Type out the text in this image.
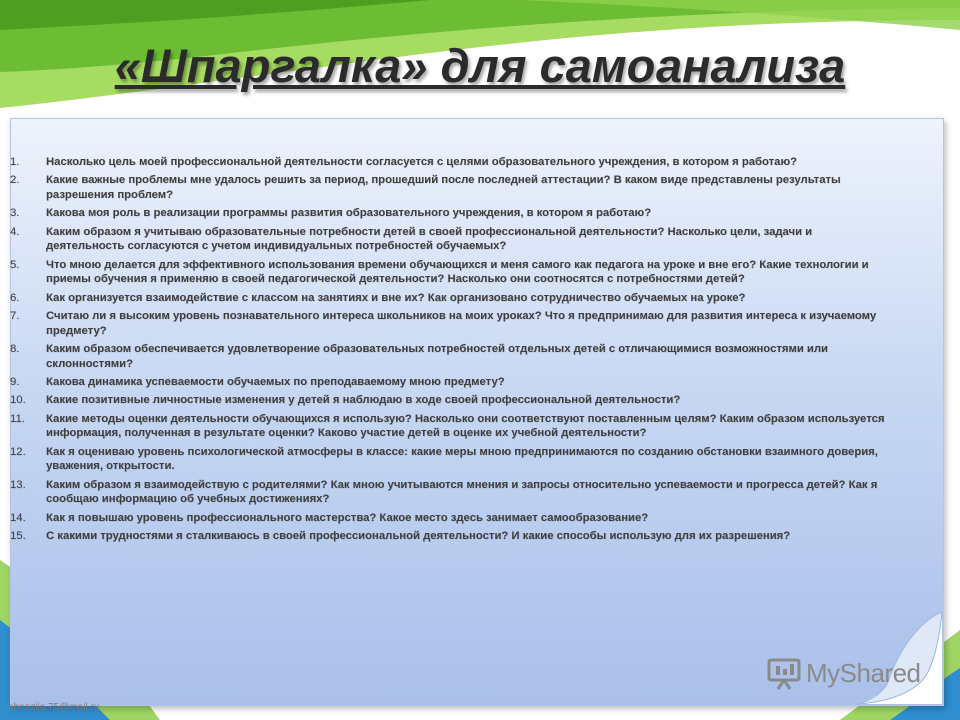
«Шпаргалка» для самоанализа
1. Насколько цель моей профессиональной деятельности согласуется с целями образовательного учреждения, в котором я работаю?
2. Какие важные проблемы мне удалось решить за период, прошедший после последней аттестации? В каком виде представлены результаты разрешения проблем?
3. Какова моя роль в реализации программы развития образовательного учреждения, в котором я работаю?
4. Каким образом я учитываю образовательные потребности детей в своей профессиональной деятельности? Насколько цели, задачи и деятельность согласуются с учетом индивидуальных потребностей обучаемых?
5. Что мною делается для эффективного использования времени обучающихся и меня самого как педагога на уроке и вне его? Какие технологии и приемы обучения я применяю в своей педагогической деятельности? Насколько они соотносятся с потребностями детей?
6. Как организуется взаимодействие с классом на занятиях и вне их? Как организовано сотрудничество обучаемых на уроке?
7. Считаю ли я высоким уровень познавательного интереса школьников на моих уроках? Что я предпринимаю для развития интереса к изучаемому предмету?
8. Каким образом обеспечивается удовлетворение образовательных потребностей отдельных детей с отличающимися возможностями или склонностями?
9. Какова динамика успеваемости обучаемых по преподаваемому мною предмету?
10. Какие позитивные личностные изменения у детей я наблюдаю в ходе своей профессиональной деятельности?
11. Какие методы оценки деятельности обучающихся я использую? Насколько они соответствуют поставленным целям? Каким образом используется информация, полученная в результате оценки? Каково участие детей в оценке их учебной деятельности?
12. Как я оцениваю уровень психологической атмосферы в классе: какие меры мною предпринимаются по созданию обстановки взаимного доверия, уважения, открытости.
13. Каким образом я взаимодействую с родителями? Как мною учитываются мнения и запросы относительно успеваемости и прогресса детей? Как я сообщаю информацию об учебных достижениях?
14. Как я повышаю уровень профессионального мастерства? Какое место здесь занимает самообразование?
15. С какими трудностями я сталкиваюсь в своей профессиональной деятельности? И какие способы использую для их разрешения?
ohnaziia.75@mail.ru
MyShared
